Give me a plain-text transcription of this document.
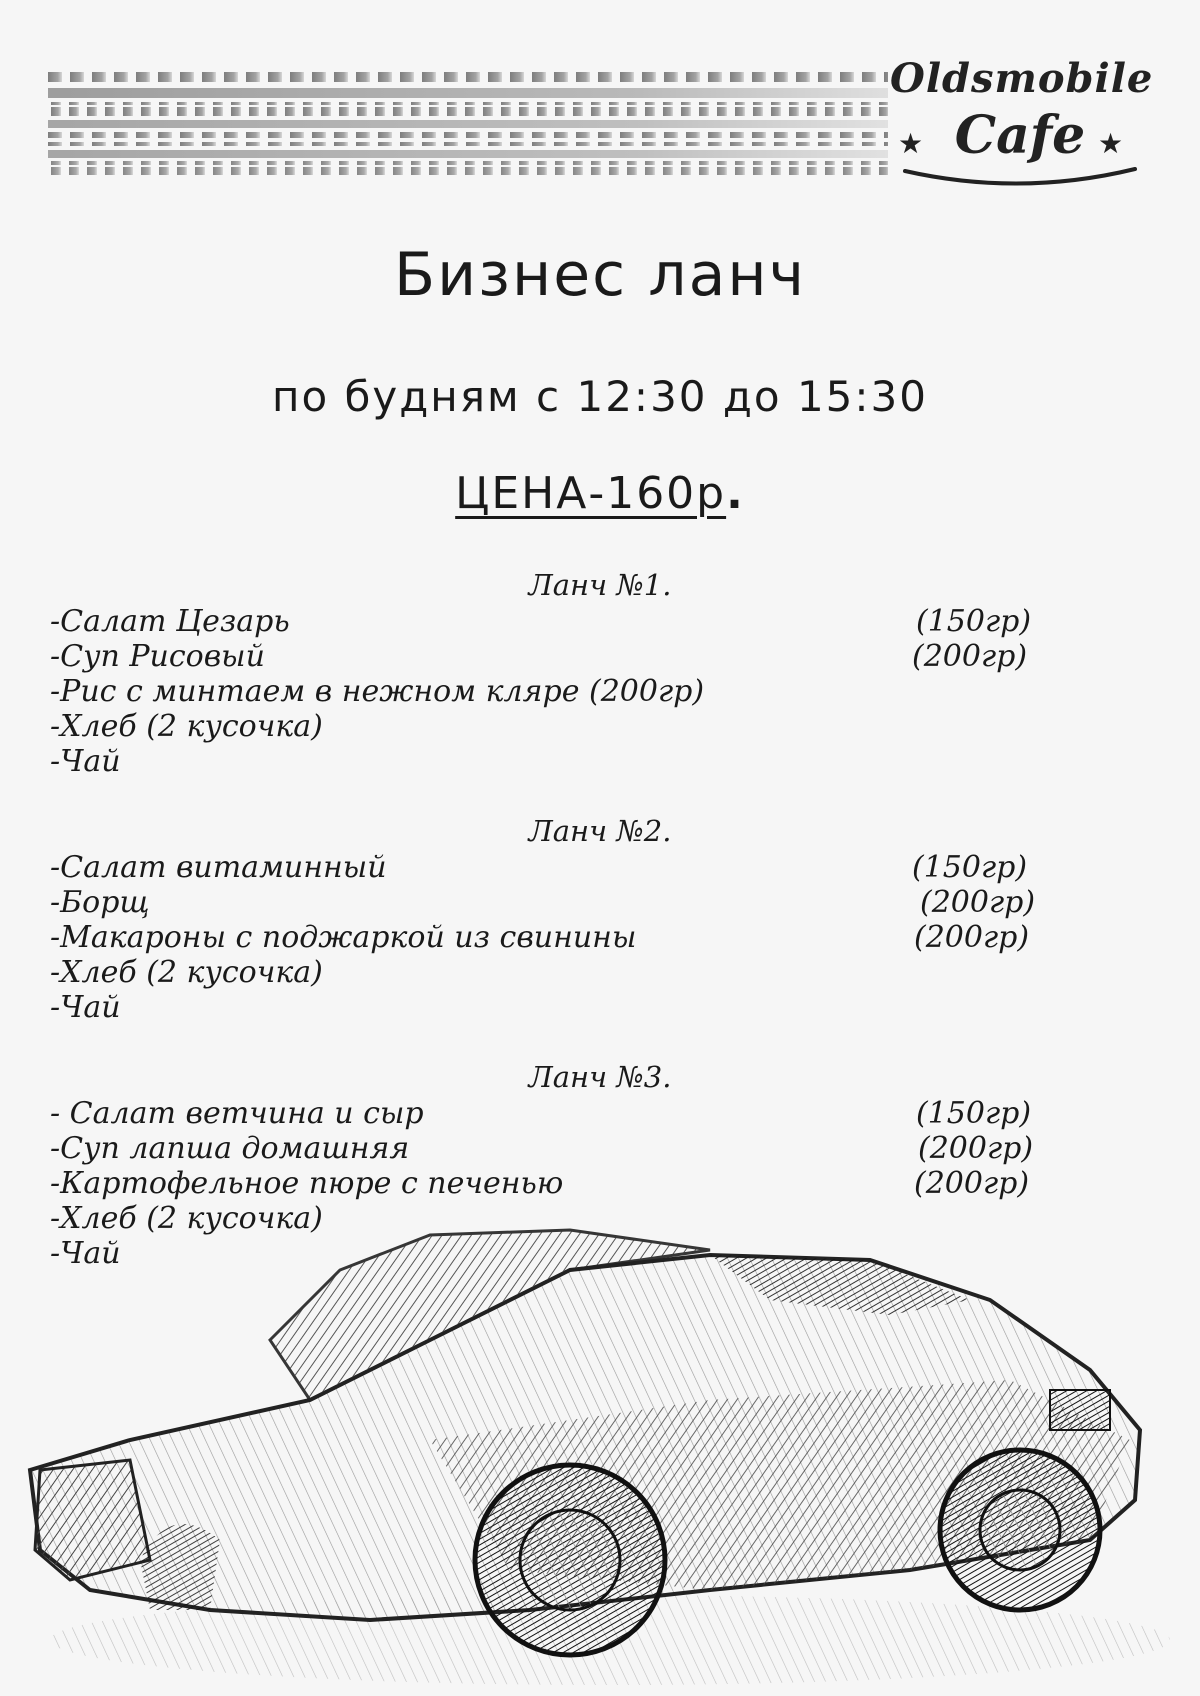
Oldsmobile
★ Cafe ★
Бизнес ланч
по будням с 12:30 до 15:30
ЦЕНА-160р.
Ланч №1.
-Салат Цезарь	(150гр)
-Суп Рисовый	(200гр)
-Рис с минтаем в нежном кляре (200гр)
-Хлеб (2 кусочка)
-Чай
Ланч №2.
-Салат витаминный	(150гр)
-Борщ	(200гр)
-Макароны с поджаркой из свинины	(200гр)
-Хлеб (2 кусочка)
-Чай
Ланч №3.
- Салат ветчина и сыр	(150гр)
-Суп лапша домашняя	(200гр)
-Картофельное пюре с печенью	(200гр)
-Хлеб (2 кусочка)
-Чай
